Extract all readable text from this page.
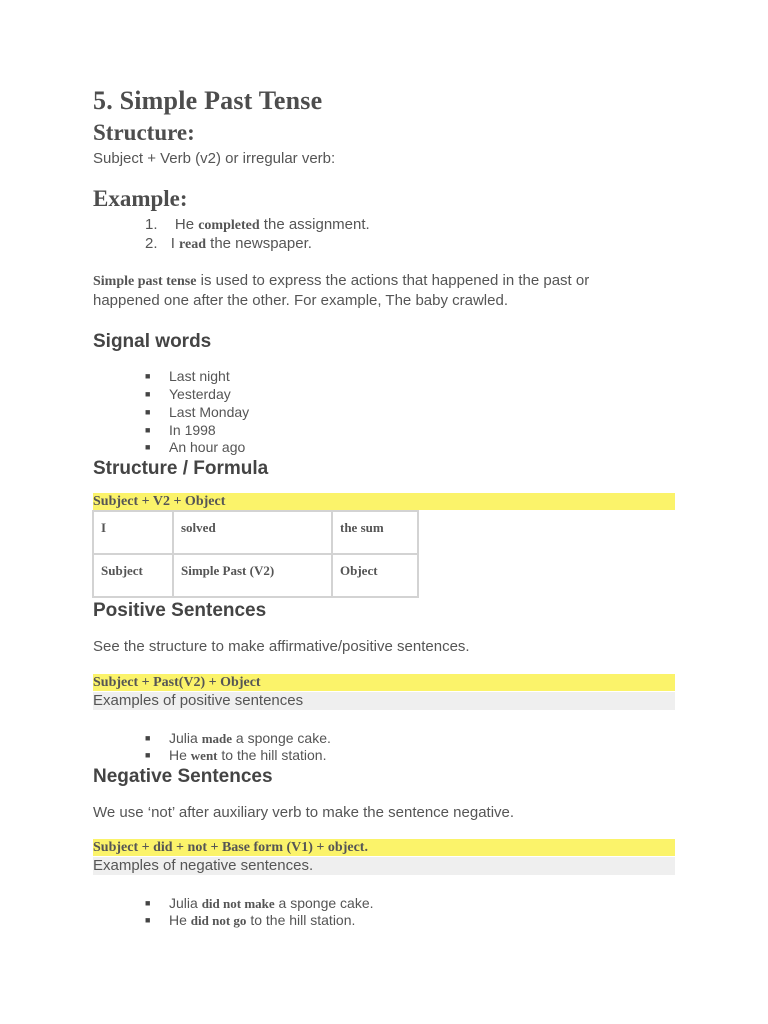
5. Simple Past Tense
Structure:
Subject + Verb (v2) or irregular verb:
Example:
1.  He completed the assignment.
2. I read the newspaper.
Simple past tense is used to express the actions that happened in the past or happened one after the other. For example, The baby crawled.
Signal words
■ Last night
■ Yesterday
■ Last Monday
■ In 1998
■ An hour ago
Structure / Formula
Subject + V2 + Object
I	solved	the sum
Subject	Simple Past (V2)	Object
Positive Sentences
See the structure to make affirmative/positive sentences.
Subject + Past(V2) + Object
Examples of positive sentences
■ Julia made a sponge cake.
■ He went to the hill station.
Negative Sentences
We use ‘not’ after auxiliary verb to make the sentence negative.
Subject + did + not + Base form (V1) + object.
Examples of negative sentences.
■ Julia did not make a sponge cake.
■ He did not go to the hill station.
